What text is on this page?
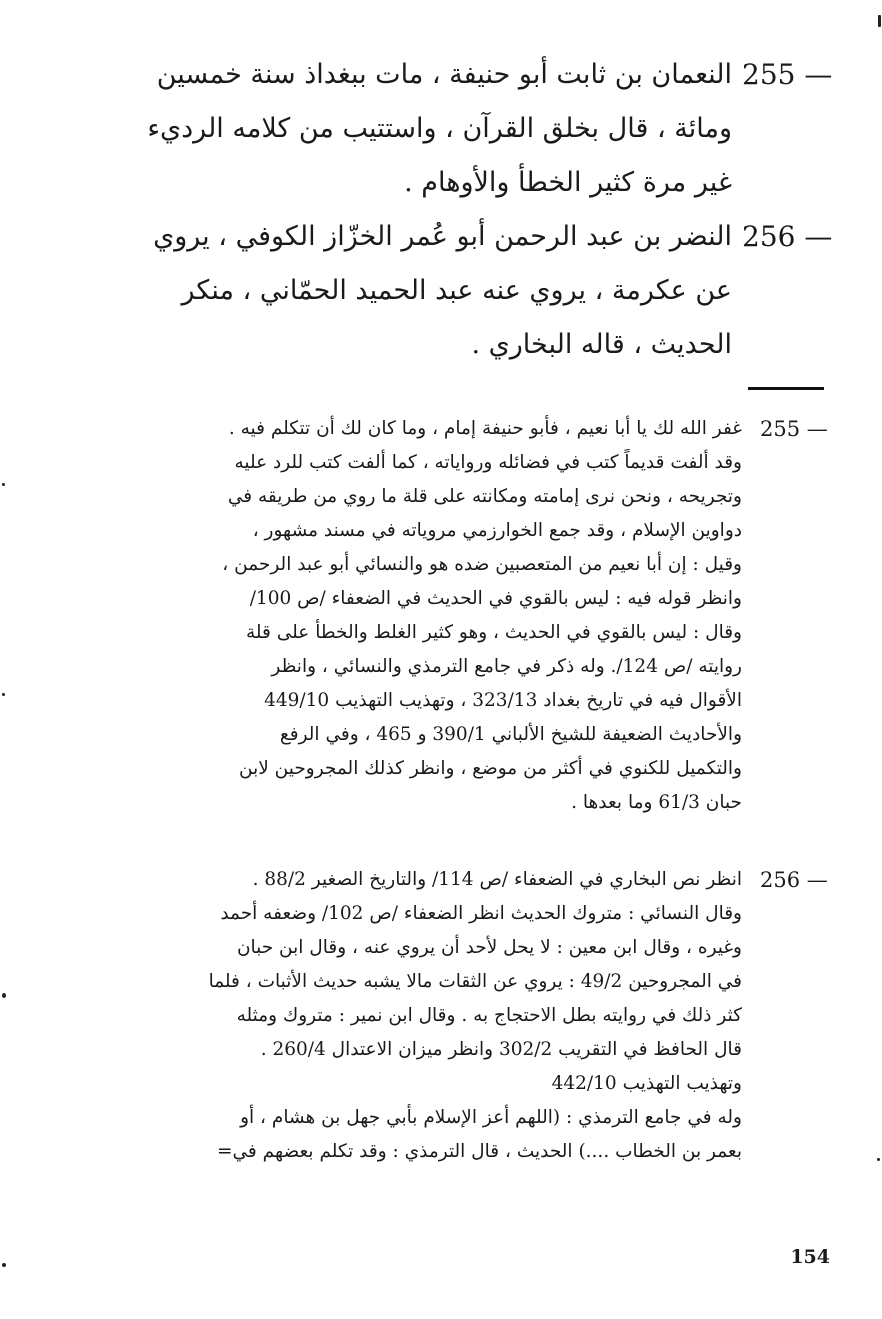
255 —
النعمان بن ثابت أبو حنيفة ، مات ببغداذ سنة خمسين
ومائة ، قال بخلق القرآن ، واستتيب من كلامه الرديء
غير مرة كثير الخطأ والأوهام .
256 —
النضر بن عبد الرحمن أبو عُمر الخزّاز الكوفي ، يروي
عن عكرمة ، يروي عنه عبد الحميد الحمّاني ، منكر
الحديث ، قاله البخاري .
255 —
غفر الله لك يا أبا نعيم ، فأبو حنيفة إمام ، وما كان لك أن تتكلم فيه .
وقد ألفت قديماً كتب في فضائله ورواياته ، كما ألفت كتب للرد عليه
وتجريحه ، ونحن نرى إمامته ومكانته على قلة ما روي من طريقه في
دواوين الإسلام ، وقد جمع الخوارزمي مروياته في مسند مشهور ،
وقيل : إن أبا نعيم من المتعصبين ضده هو والنسائي أبو عبد الرحمن ،
وانظر قوله فيه : ليس بالقوي في الحديث في الضعفاء /ص 100/
وقال : ليس بالقوي في الحديث ، وهو كثير الغلط والخطأ على قلة
روايته /ص 124/. وله ذكر في جامع الترمذي والنسائي ، وانظر
الأقوال فيه في تاريخ بغداد 323/13 ، وتهذيب التهذيب 449/10
والأحاديث الضعيفة للشيخ الألباني 390/1 و 465 ، وفي الرفع
والتكميل للكنوي في أكثر من موضع ، وانظر كذلك المجروحين لابن
حبان 61/3 وما بعدها .
256 —
انظر نص البخاري في الضعفاء /ص 114/ والتاريخ الصغير 88/2 .
وقال النسائي : متروك الحديث انظر الضعفاء /ص 102/ وضعفه أحمد
وغيره ، وقال ابن معين : لا يحل لأحد أن يروي عنه ، وقال ابن حبان
في المجروحين 49/2 : يروي عن الثقات مالا يشبه حديث الأثبات ، فلما
كثر ذلك في روايته بطل الاحتجاج به . وقال ابن نمير : متروك ومثله
قال الحافظ في التقريب 302/2 وانظر ميزان الاعتدال 260/4 .
وتهذيب التهذيب 442/10
وله في جامع الترمذي : (اللهم أعز الإسلام بأبي جهل بن هشام ، أو
بعمر بن الخطاب ....) الحديث ، قال الترمذي : وقد تكلم بعضهم في=
154
